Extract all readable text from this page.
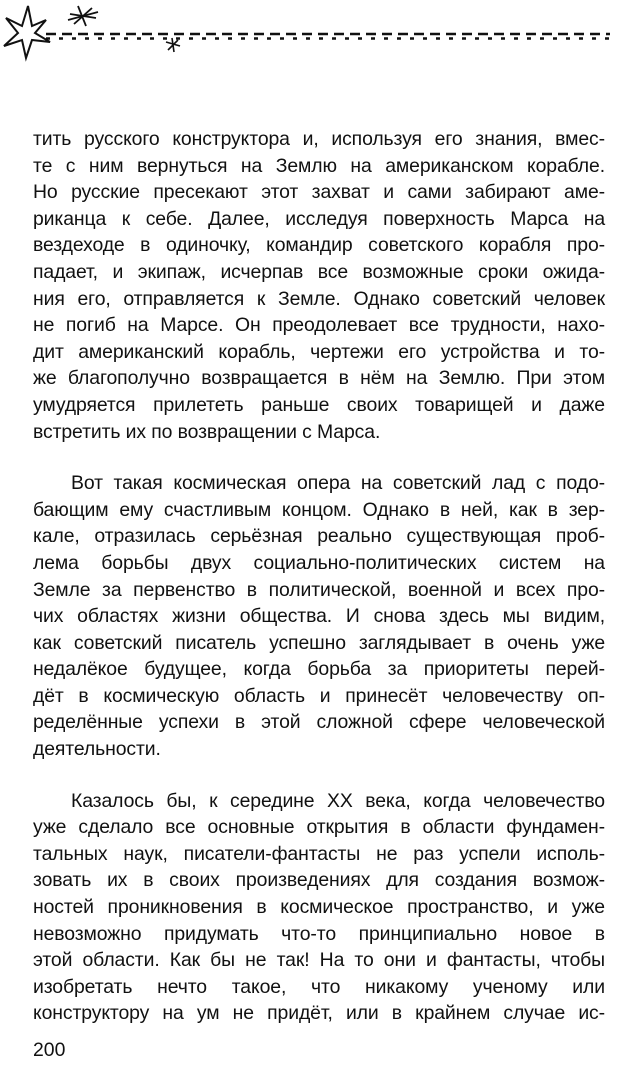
тить русского конструктора и, используя его знания, вмес-
те с ним вернуться на Землю на американском корабле.
Но русские пресекают этот захват и сами забирают аме-
риканца к себе. Далее, исследуя поверхность Марса на
вездеходе в одиночку, командир советского корабля про-
падает, и экипаж, исчерпав все возможные сроки ожида-
ния его, отправляется к Земле. Однако советский человек
не погиб на Марсе. Он преодолевает все трудности, нахо-
дит американский корабль, чертежи его устройства и то-
же благополучно возвращается в нём на Землю. При этом
умудряется прилететь раньше своих товарищей и даже
встретить их по возвращении с Марса.
Вот такая космическая опера на советский лад с подо-
бающим ему счастливым концом. Однако в ней, как в зер-
кале, отразилась серьёзная реально существующая проб-
лема борьбы двух социально-политических систем на
Земле за первенство в политической, военной и всех про-
чих областях жизни общества. И снова здесь мы видим,
как советский писатель успешно заглядывает в очень уже
недалёкое будущее, когда борьба за приоритеты перей-
дёт в космическую область и принесёт человечеству оп-
ределённые успехи в этой сложной сфере человеческой
деятельности.
Казалось бы, к середине XX века, когда человечество
уже сделало все основные открытия в области фундамен-
тальных наук, писатели-фантасты не раз успели исполь-
зовать их в своих произведениях для создания возмож-
ностей проникновения в космическое пространство, и уже
невозможно придумать что-то принципиально новое в
этой области. Как бы не так! На то они и фантасты, чтобы
изобретать нечто такое, что никакому ученому или
конструктору на ум не придёт, или в крайнем случае ис-
200
